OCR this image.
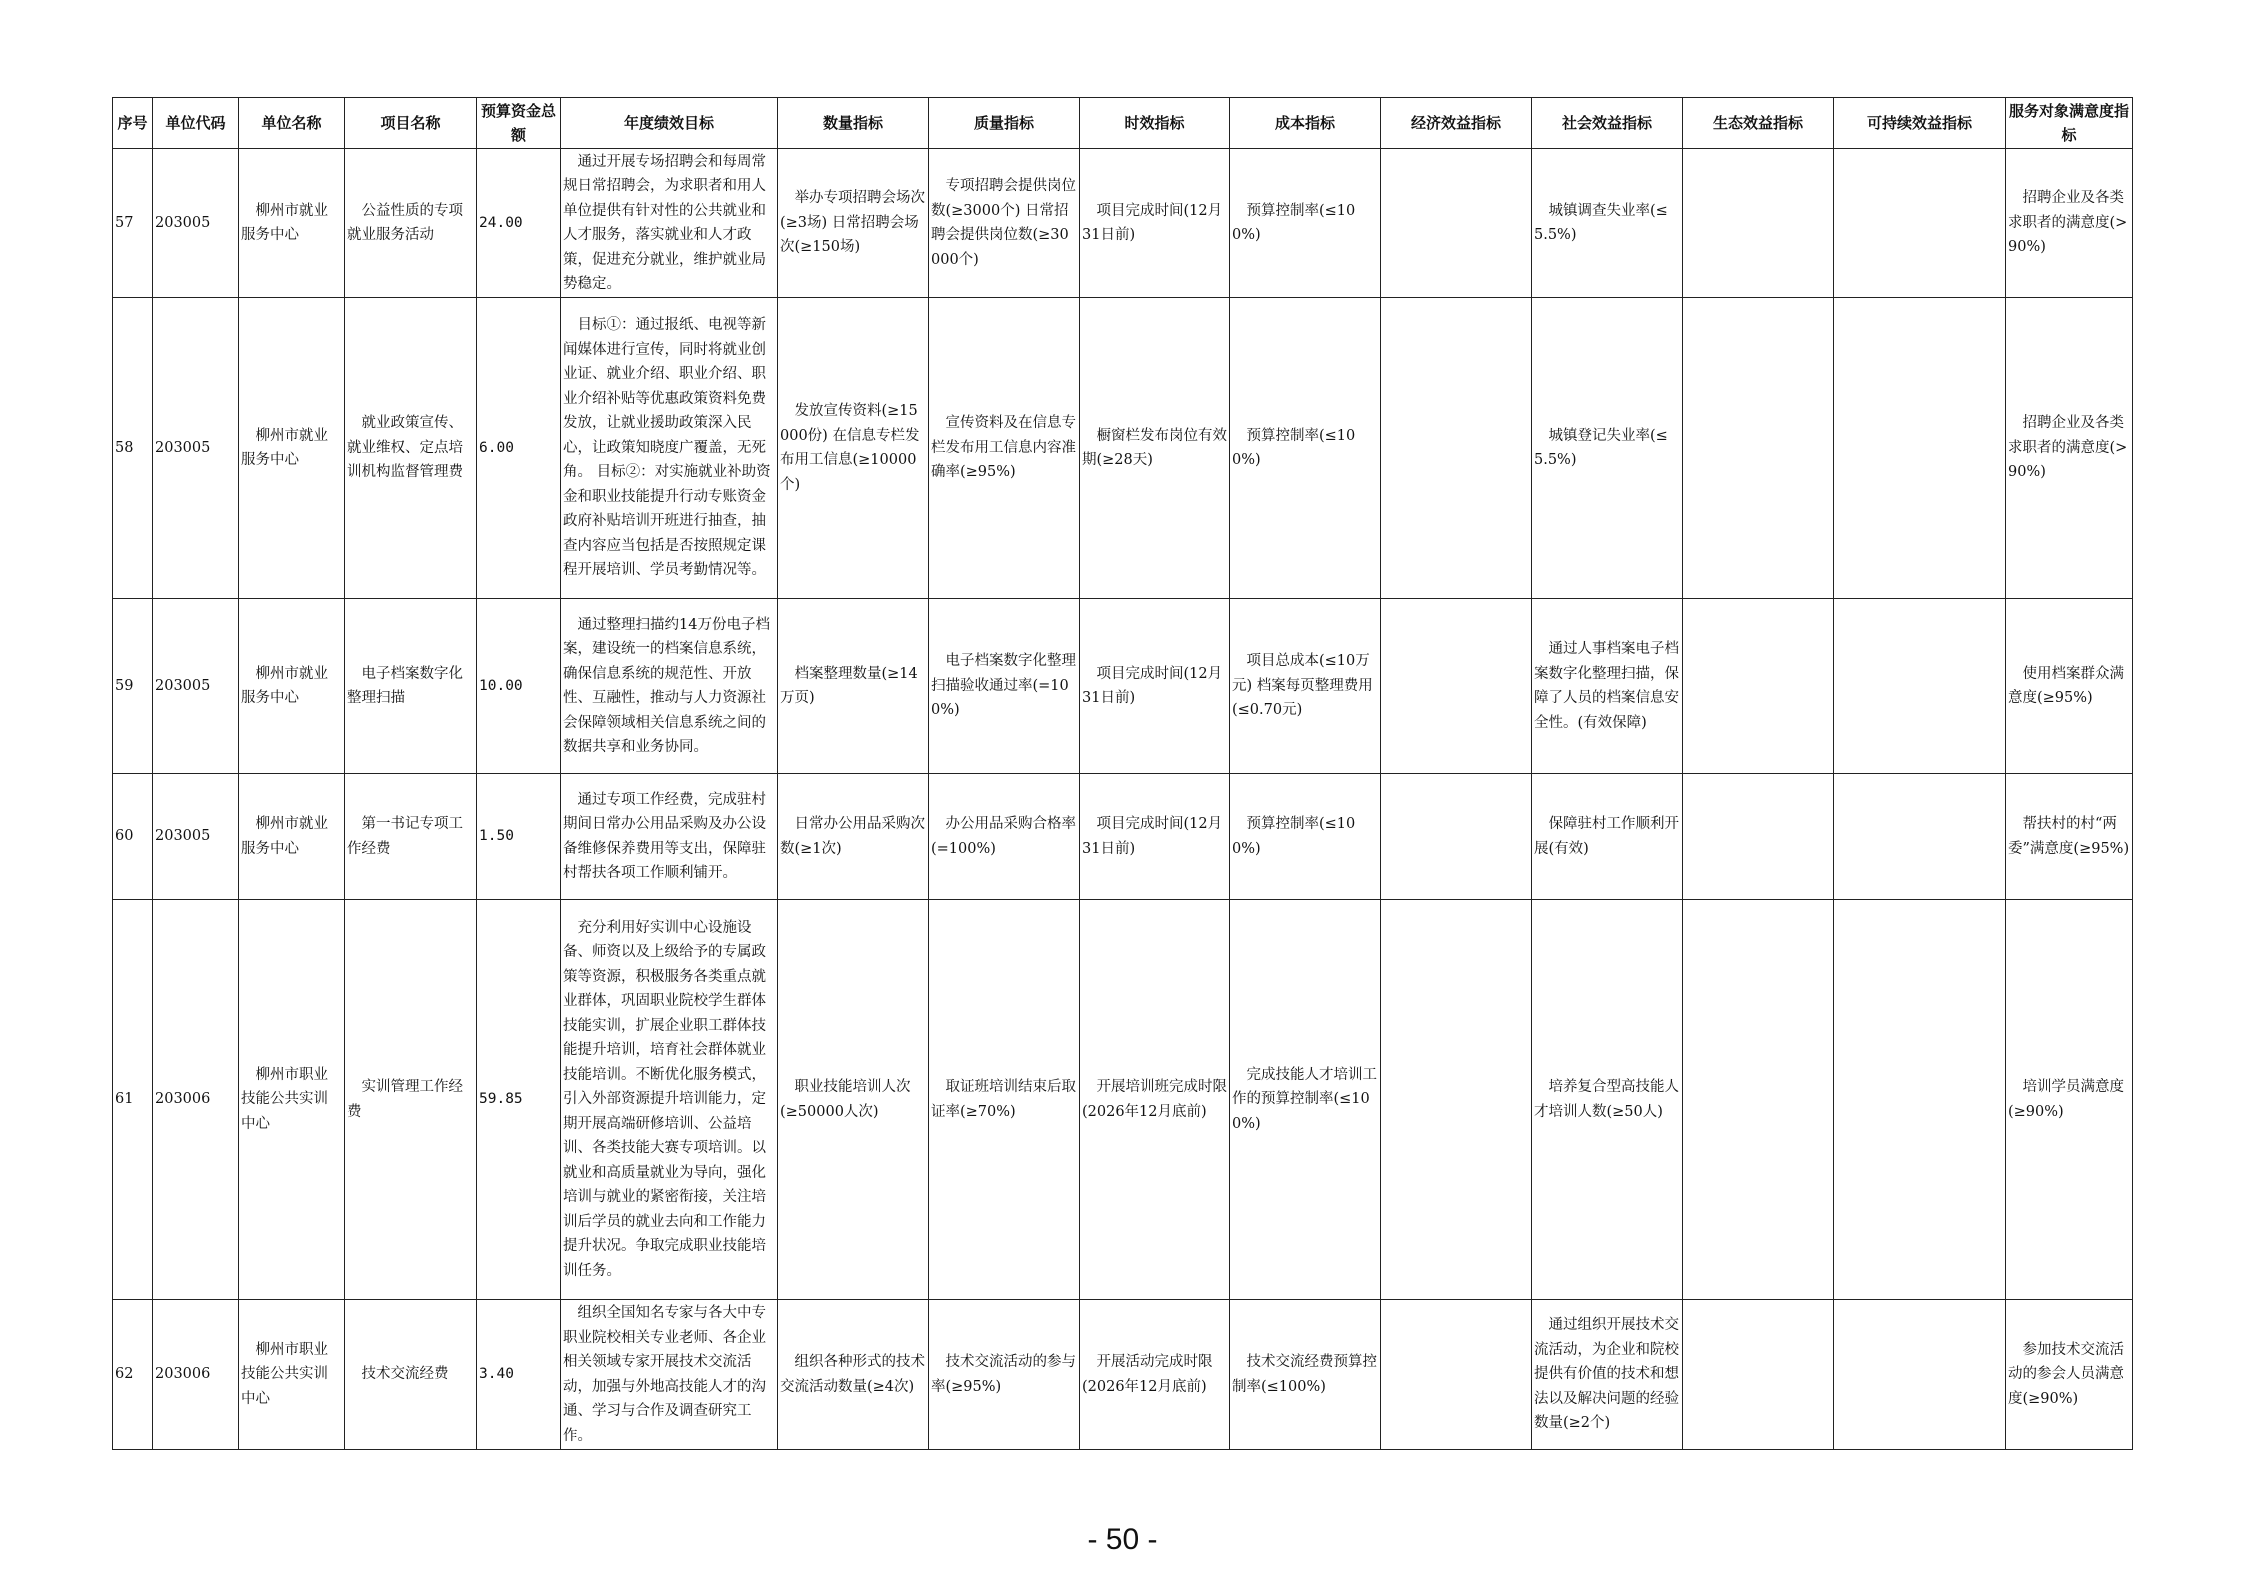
序号	单位代码	单位名称	项目名称	预算资金总额	年度绩效目标	数量指标	质量指标	时效指标	成本指标	经济效益指标	社会效益指标	生态效益指标	可持续效益指标	服务对象满意度指标
57	203005	柳州市就业服务中心	公益性质的专项就业服务活动	24.00	通过开展专场招聘会和每周常规日常招聘会，为求职者和用人单位提供有针对性的公共就业和人才服务，落实就业和人才政策，促进充分就业，维护就业局势稳定。	举办专项招聘会场次(≥3场) 日常招聘会场次(≥150场)	专项招聘会提供岗位数(≥3000个) 日常招聘会提供岗位数(≥30000个)	项目完成时间(12月31日前)	预算控制率(≤100%)		城镇调查失业率(≤5.5%)			招聘企业及各类求职者的满意度(>90%)

58	203005	柳州市就业服务中心	就业政策宣传、就业维权、定点培训机构监督管理费	6.00	目标①：通过报纸、电视等新闻媒体进行宣传，同时将就业创业证、就业介绍、职业介绍、职业介绍补贴等优惠政策资料免费发放，让就业援助政策深入民心，让政策知晓度广覆盖，无死角。 目标②：对实施就业补助资金和职业技能提升行动专账资金政府补贴培训开班进行抽查，抽查内容应当包括是否按照规定课程开展培训、学员考勤情况等。	发放宣传资料(≥15000份) 在信息专栏发布用工信息(≥10000个)	宣传资料及在信息专栏发布用工信息内容准确率(≥95%)	橱窗栏发布岗位有效期(≥28天)	预算控制率(≤100%)		城镇登记失业率(≤5.5%)			招聘企业及各类求职者的满意度(>90%)

59	203005	柳州市就业服务中心	电子档案数字化整理扫描	10.00	通过整理扫描约14万份电子档案，建设统一的档案信息系统，确保信息系统的规范性、开放性、互融性，推动与人力资源社会保障领域相关信息系统之间的数据共享和业务协同。	档案整理数量(≥14万页)	电子档案数字化整理扫描验收通过率(=100%)	项目完成时间(12月31日前)	项目总成本(≤10万元) 档案每页整理费用(≤0.70元)		通过人事档案电子档案数字化整理扫描，保障了人员的档案信息安全性。(有效保障)			使用档案群众满意度(≥95%)

60	203005	柳州市就业服务中心	第一书记专项工作经费	1.50	通过专项工作经费，完成驻村期间日常办公用品采购及办公设备维修保养费用等支出，保障驻村帮扶各项工作顺利铺开。	日常办公用品采购次数(≥1次)	办公用品采购合格率(=100%)	项目完成时间(12月31日前)	预算控制率(≤100%)		保障驻村工作顺利开展(有效)			帮扶村的村“两委”满意度(≥95%)

61	203006	柳州市职业技能公共实训中心	实训管理工作经费	59.85	充分利用好实训中心设施设备、师资以及上级给予的专属政策等资源，积极服务各类重点就业群体，巩固职业院校学生群体技能实训，扩展企业职工群体技能提升培训，培育社会群体就业技能培训。不断优化服务模式，引入外部资源提升培训能力，定期开展高端研修培训、公益培训、各类技能大赛专项培训。以就业和高质量就业为导向，强化培训与就业的紧密衔接，关注培训后学员的就业去向和工作能力提升状况。争取完成职业技能培训任务。	职业技能培训人次(≥50000人次)	取证班培训结束后取证率(≥70%)	开展培训班完成时限(2026年12月底前)	完成技能人才培训工作的预算控制率(≤100%)		培养复合型高技能人才培训人数(≥50人)			培训学员满意度(≥90%)

62	203006	柳州市职业技能公共实训中心	技术交流经费	3.40	组织全国知名专家与各大中专职业院校相关专业老师、各企业相关领域专家开展技术交流活动，加强与外地高技能人才的沟通、学习与合作及调查研究工作。	组织各种形式的技术交流活动数量(≥4次)	技术交流活动的参与率(≥95%)	开展活动完成时限(2026年12月底前)	技术交流经费预算控制率(≤100%)		通过组织开展技术交流活动，为企业和院校提供有价值的技术和想法以及解决问题的经验数量(≥2个)			参加技术交流活动的参会人员满意度(≥90%)
- 50 -
